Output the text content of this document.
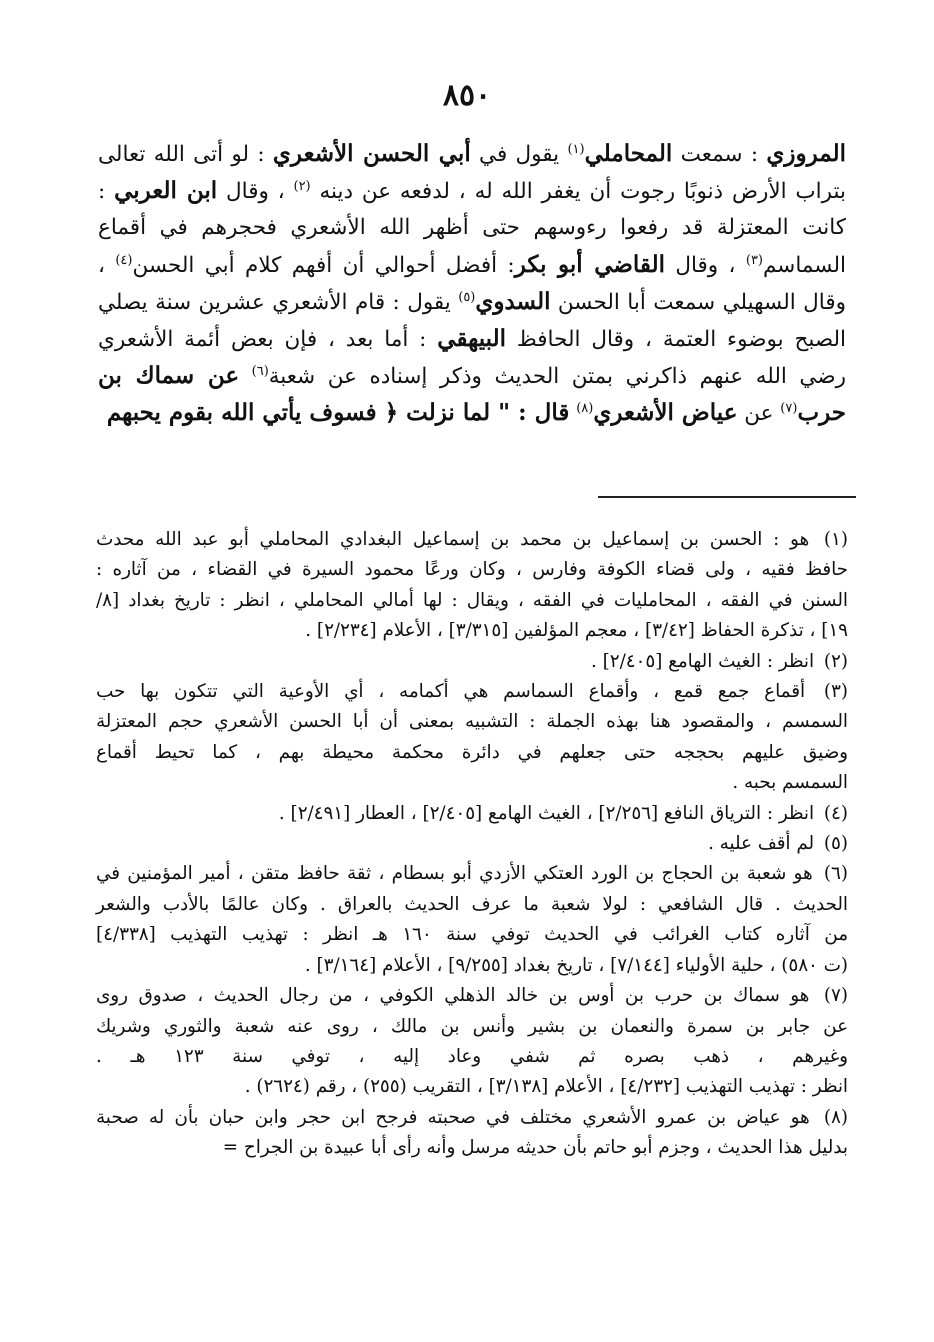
٨٥٠
المروزي : سمعت المحاملي$^{(١)}$ يقول في أبي الحسن الأشعري : لو أتى الله تعالى
بتراب الأرض ذنوبًا رجوت أن يغفر الله له ، لدفعه عن دينه $^{(٢)}$ ، وقال ابن العربي :
كانت المعتزلة قد رفعوا رءوسهم حتى أظهر الله الأشعري فحجرهم في أقماع
السماسم$^{(٣)}$ ، وقال القاضي أبو بكر: أفضل أحوالي أن أفهم كلام أبي الحسن$^{(٤)}$ ،
وقال السهيلي سمعت أبا الحسن السدوي$^{(٥)}$ يقول : قام الأشعري عشرين سنة يصلي
الصبح بوضوء العتمة ، وقال الحافظ البيهقي : أما بعد ، فإن بعض أئمة الأشعري
رضي الله عنهم ذاكرني بمتن الحديث وذكر إسناده عن شعبة$^{(٦)}$ عن سماك بن
حرب$^{(٧)}$ عن عياض الأشعري$^{(٨)}$ قال : " لما نزلت ﴿ فسوف يأتي الله بقوم يحبهم
(١) هو : الحسن بن إسماعيل بن محمد بن إسماعيل البغدادي المحاملي أبو عبد الله محدث
حافظ فقيه ، ولى قضاء الكوفة وفارس ، وكان ورعًا محمود السيرة في القضاء ، من آثاره :
السنن في الفقه ، المحامليات في الفقه ، ويقال : لها أمالي المحاملي ، انظر : تاريخ بغداد [٨/
١٩] ، تذكرة الحفاظ [٣/٤٢] ، معجم المؤلفين [٣/٣١٥] ، الأعلام [٢/٢٣٤] .
(٢) انظر : الغيث الهامع [٢/٤٠٥] .
(٣) أقماع جمع قمع ، وأقماع السماسم هي أكمامه ، أي الأوعية التي تتكون بها حب
السمسم ، والمقصود هنا بهذه الجملة : التشبيه بمعنى أن أبا الحسن الأشعري حجم المعتزلة
وضيق عليهم بحججه حتى جعلهم في دائرة محكمة محيطة بهم ، كما تحيط أقماع
السمسم بحبه .
(٤) انظر : الترياق النافع [٢/٢٥٦] ، الغيث الهامع [٢/٤٠٥] ، العطار [٢/٤٩١] .
(٥) لم أقف عليه .
(٦) هو شعبة بن الحجاج بن الورد العتكي الأزدي أبو بسطام ، ثقة حافظ متقن ، أمير المؤمنين في
الحديث . قال الشافعي : لولا شعبة ما عرف الحديث بالعراق . وكان عالمًا بالأدب والشعر
من آثاره كتاب الغرائب في الحديث توفي سنة ١٦٠ هـ انظر : تهذيب التهذيب [٤/٣٣٨]
(ت ٥٨٠) ، حلية الأولياء [٧/١٤٤] ، تاريخ بغداد [٩/٢٥٥] ، الأعلام [٣/١٦٤] .
(٧) هو سماك بن حرب بن أوس بن خالد الذهلي الكوفي ، من رجال الحديث ، صدوق روى
عن جابر بن سمرة والنعمان بن بشير وأنس بن مالك ، روى عنه شعبة والثوري وشريك
وغيرهم ، ذهب بصره ثم شفي وعاد إليه ، توفي سنة ١٢٣ هـ .
انظر : تهذيب التهذيب [٤/٢٣٢] ، الأعلام [٣/١٣٨] ، التقريب (٢٥٥) ، رقم (٢٦٢٤) .
(٨) هو عياض بن عمرو الأشعري مختلف في صحبته فرجح ابن حجر وابن حبان بأن له صحبة
بدليل هذا الحديث ، وجزم أبو حاتم بأن حديثه مرسل وأنه رأى أبا عبيدة بن الجراح =
